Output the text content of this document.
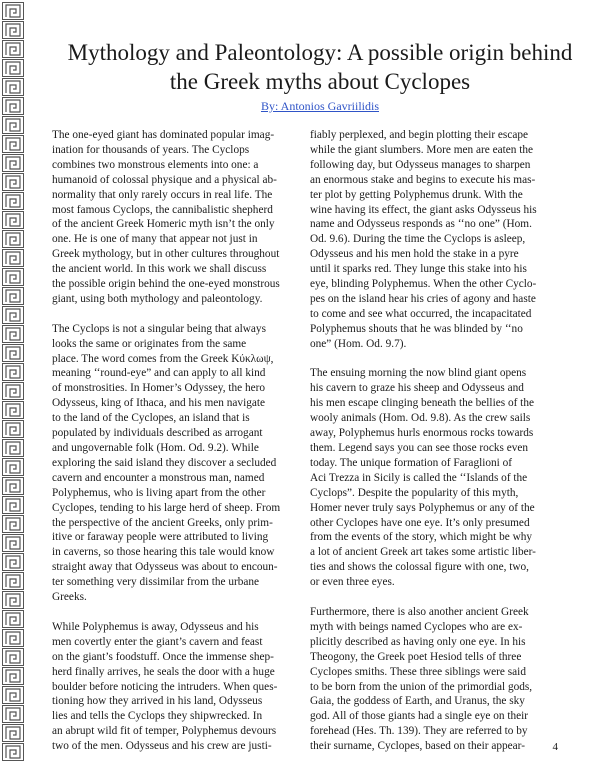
Mythology and Paleontology: A possible origin behind the Greek myths about Cyclopes
By: Antonios Gavriilidis

The one-eyed giant has dominated popular imag-
ination for thousands of years. The Cyclops
combines two monstrous elements into one: a
humanoid of colossal physique and a physical ab-
normality that only rarely occurs in real life. The
most famous Cyclops, the cannibalistic shepherd
of the ancient Greek Homeric myth isn’t the only
one. He is one of many that appear not just in
Greek mythology, but in other cultures throughout
the ancient world. In this work we shall discuss
the possible origin behind the one-eyed monstrous
giant, using both mythology and paleontology.

The Cyclops is not a singular being that always
looks the same or originates from the same
place. The word comes from the Greek Κύκλωψ,
meaning ‘‘round-eye” and can apply to all kind
of monstrosities. In Homer’s Odyssey, the hero
Odysseus, king of Ithaca, and his men navigate
to the land of the Cyclopes, an island that is
populated by individuals described as arrogant
and ungovernable folk (Hom. Od. 9.2). While
exploring the said island they discover a secluded
cavern and encounter a monstrous man, named
Polyphemus, who is living apart from the other
Cyclopes, tending to his large herd of sheep. From
the perspective of the ancient Greeks, only prim-
itive or faraway people were attributed to living
in caverns, so those hearing this tale would know
straight away that Odysseus was about to encoun-
ter something very dissimilar from the urbane
Greeks.

While Polyphemus is away, Odysseus and his
men covertly enter the giant’s cavern and feast
on the giant’s foodstuff. Once the immense shep-
herd finally arrives, he seals the door with a huge
boulder before noticing the intruders. When ques-
tioning how they arrived in his land, Odysseus
lies and tells the Cyclops they shipwrecked. In
an abrupt wild fit of temper, Polyphemus devours
two of the men. Odysseus and his crew are justi-

fiably perplexed, and begin plotting their escape
while the giant slumbers. More men are eaten the
following day, but Odysseus manages to sharpen
an enormous stake and begins to execute his mas-
ter plot by getting Polyphemus drunk. With the
wine having its effect, the giant asks Odysseus his
name and Odysseus responds as ‘‘no one” (Hom.
Od. 9.6). During the time the Cyclops is asleep,
Odysseus and his men hold the stake in a pyre
until it sparks red. They lunge this stake into his
eye, blinding Polyphemus. When the other Cyclo-
pes on the island hear his cries of agony and haste
to come and see what occurred, the incapacitated
Polyphemus shouts that he was blinded by ‘‘no
one” (Hom. Od. 9.7).

The ensuing morning the now blind giant opens
his cavern to graze his sheep and Odysseus and
his men escape clinging beneath the bellies of the
wooly animals (Hom. Od. 9.8). As the crew sails
away, Polyphemus hurls enormous rocks towards
them. Legend says you can see those rocks even
today. The unique formation of Faraglioni of
Aci Trezza in Sicily is called the ‘‘Islands of the
Cyclops”. Despite the popularity of this myth,
Homer never truly says Polyphemus or any of the
other Cyclopes have one eye. It’s only presumed
from the events of the story, which might be why
a lot of ancient Greek art takes some artistic liber-
ties and shows the colossal figure with one, two,
or even three eyes.

Furthermore, there is also another ancient Greek
myth with beings named Cyclopes who are ex-
plicitly described as having only one eye. In his
Theogony, the Greek poet Hesiod tells of three
Cyclopes smiths. These three siblings were said
to be born from the union of the primordial gods,
Gaia, the goddess of Earth, and Uranus, the sky
god. All of those giants had a single eye on their
forehead (Hes. Th. 139). They are referred to by
their surname, Cyclopes, based on their appear-	4
